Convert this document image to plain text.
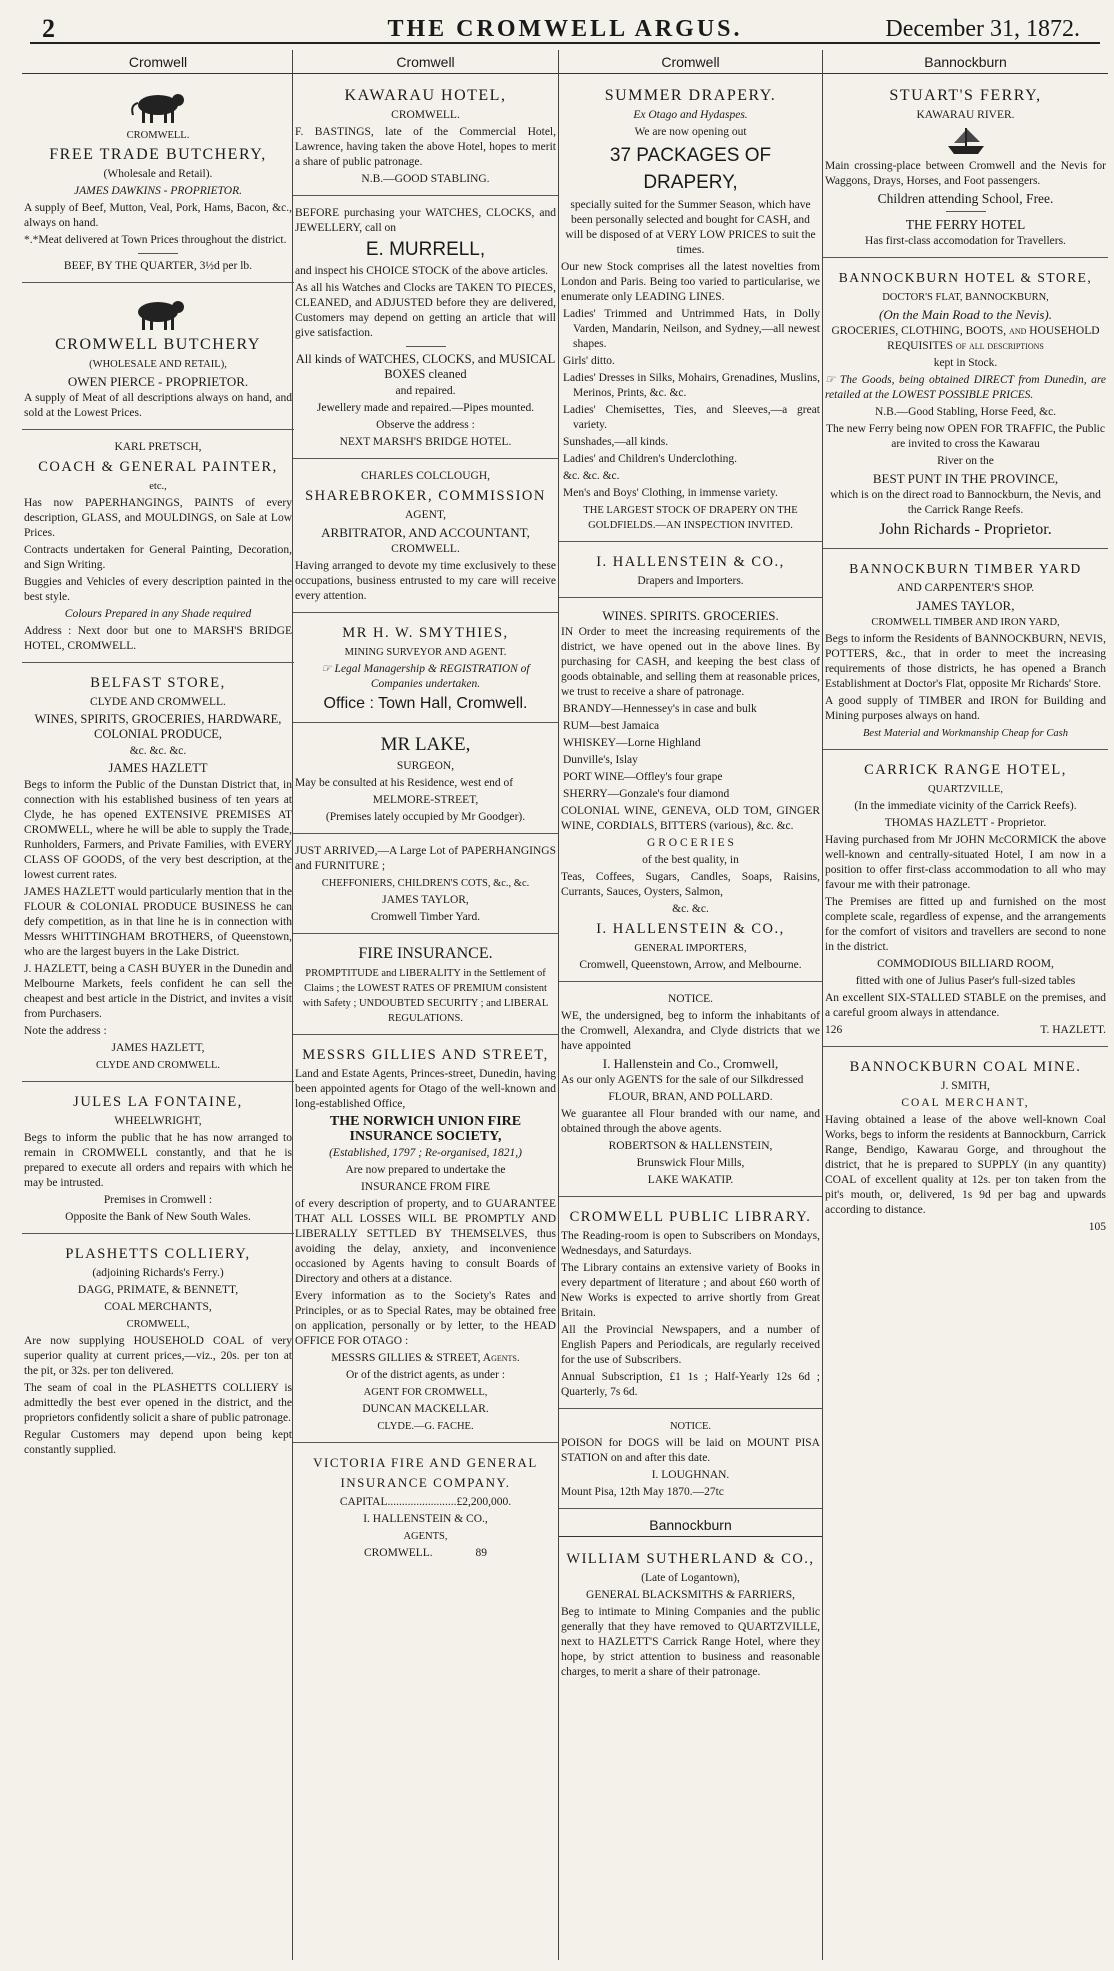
2	THE CROMWELL ARGUS.	December 31, 1872.
Cromwell

CROMWELL.

FREE TRADE BUTCHERY,

(Wholesale and Retail).

JAMES DAWKINS - PROPRIETOR.

A supply of Beef, Mutton, Veal, Pork, Hams, Bacon, &c., always on hand.

*.*Meat delivered at Town Prices throughout the district.

BEEF, BY THE QUARTER, 3½d per lb.

CROMWELL BUTCHERY

(WHOLESALE AND RETAIL),

OWEN PIERCE - PROPRIETOR.

A supply of Meat of all descriptions always on hand, and sold at the Lowest Prices.

KARL PRETSCH,

COACH & GENERAL PAINTER,

etc.,

Has now PAPERHANGINGS, PAINTS of every description, GLASS, and MOULDINGS, on Sale at Low Prices.

Contracts undertaken for General Painting, Decoration, and Sign Writing.

Buggies and Vehicles of every description painted in the best style.

Colours Prepared in any Shade required

Address : Next door but one to MARSH'S BRIDGE HOTEL, CROMWELL.

BELFAST STORE,

CLYDE AND CROMWELL.

WINES, SPIRITS, GROCERIES, HARDWARE, COLONIAL PRODUCE,

&c. &c. &c.

JAMES HAZLETT

Begs to inform the Public of the Dunstan District that, in connection with his established business of ten years at Clyde, he has opened EXTENSIVE PREMISES AT CROMWELL, where he will be able to supply the Trade, Runholders, Farmers, and Private Families, with EVERY CLASS OF GOODS, of the very best description, at the lowest current rates.

JAMES HAZLETT would particularly mention that in the FLOUR & COLONIAL PRODUCE BUSINESS he can defy competition, as in that line he is in connection with Messrs WHITTINGHAM BROTHERS, of Queenstown, who are the largest buyers in the Lake District.

J. HAZLETT, being a CASH BUYER in the Dunedin and Melbourne Markets, feels confident he can sell the cheapest and best article in the District, and invites a visit from Purchasers.

Note the address :

JAMES HAZLETT,

CLYDE AND CROMWELL.

JULES LA FONTAINE,

WHEELWRIGHT,

Begs to inform the public that he has now arranged to remain in CROMWELL constantly, and that he is prepared to execute all orders and repairs with which he may be intrusted.

Premises in Cromwell :

Opposite the Bank of New South Wales.

PLASHETTS COLLIERY,

(adjoining Richards's Ferry.)

DAGG, PRIMATE, & BENNETT,

COAL MERCHANTS,

CROMWELL,

Are now supplying HOUSEHOLD COAL of very superior quality at current prices,—viz., 20s. per ton at the pit, or 32s. per ton delivered.

The seam of coal in the PLASHETTS COLLIERY is admittedly the best ever opened in the district, and the proprietors confidently solicit a share of public patronage.

Regular Customers may depend upon being kept constantly supplied.

Cromwell

KAWARAU HOTEL,

CROMWELL.

F. BASTINGS, late of the Commercial Hotel, Lawrence, having taken the above Hotel, hopes to merit a share of public patronage.

N.B.—GOOD STABLING.

BEFORE purchasing your WATCHES, CLOCKS, and JEWELLERY, call on

E. MURRELL,

and inspect his CHOICE STOCK of the above articles.

As all his Watches and Clocks are TAKEN TO PIECES, CLEANED, and ADJUSTED before they are delivered, Customers may depend on getting an article that will give satisfaction.

All kinds of WATCHES, CLOCKS, and MUSICAL BOXES cleaned

and repaired.

Jewellery made and repaired.—Pipes mounted.

Observe the address :

NEXT MARSH'S BRIDGE HOTEL.

CHARLES COLCLOUGH,

SHAREBROKER, COMMISSION

AGENT,

ARBITRATOR, AND ACCOUNTANT,

CROMWELL.

Having arranged to devote my time exclusively to these occupations, business entrusted to my care will receive every attention.

MR H. W. SMYTHIES,

MINING SURVEYOR AND AGENT.

☞ Legal Managership & REGISTRATION of Companies undertaken.

Office : Town Hall, Cromwell.

MR LAKE,

SURGEON,

May be consulted at his Residence, west end of

MELMORE-STREET,

(Premises lately occupied by Mr Goodger).

JUST ARRIVED,—A Large Lot of PAPERHANGINGS and FURNITURE ;

CHEFFONIERS, CHILDREN'S COTS, &c., &c.

JAMES TAYLOR,

Cromwell Timber Yard.

FIRE INSURANCE.

PROMPTITUDE and LIBERALITY in the Settlement of Claims ; the LOWEST RATES OF PREMIUM consistent with Safety ; UNDOUBTED SECURITY ; and LIBERAL REGULATIONS.

MESSRS GILLIES AND STREET,

Land and Estate Agents, Princes-street, Dunedin, having been appointed agents for Otago of the well-known and long-established Office,

THE NORWICH UNION FIRE INSURANCE SOCIETY,

(Established, 1797 ; Re-organised, 1821,)

Are now prepared to undertake the

INSURANCE FROM FIRE

of every description of property, and to GUARANTEE THAT ALL LOSSES WILL BE PROMPTLY AND LIBERALLY SETTLED BY THEMSELVES, thus avoiding the delay, anxiety, and inconvenience occasioned by Agents having to consult Boards of Directory and others at a distance.

Every information as to the Society's Rates and Principles, or as to Special Rates, may be obtained free on application, personally or by letter, to the HEAD OFFICE FOR OTAGO :

MESSRS GILLIES & STREET, Agents.

Or of the district agents, as under :

AGENT FOR CROMWELL,

DUNCAN MACKELLAR.

CLYDE.—G. FACHE.

VICTORIA FIRE AND GENERAL INSURANCE COMPANY.

CAPITAL........................£2,200,000.

I. HALLENSTEIN & CO.,

AGENTS,

CROMWELL.	89

Cromwell

SUMMER DRAPERY.

Ex Otago and Hydaspes.

We are now opening out

37 PACKAGES OF DRAPERY,

specially suited for the Summer Season, which have been personally selected and bought for CASH, and will be disposed of at VERY LOW PRICES to suit the times.

Our new Stock comprises all the latest novelties from London and Paris. Being too varied to particularise, we enumerate only LEADING LINES.

Ladies' Trimmed and Untrimmed Hats, in Dolly Varden, Mandarin, Neilson, and Sydney,—all newest shapes.

Girls' ditto.

Ladies' Dresses in Silks, Mohairs, Grenadines, Muslins, Merinos, Prints, &c. &c.

Ladies' Chemisettes, Ties, and Sleeves,—a great variety.

Sunshades,—all kinds.

Ladies' and Children's Underclothing.

&c. &c. &c.

Men's and Boys' Clothing, in immense variety.

THE LARGEST STOCK OF DRAPERY ON THE GOLDFIELDS.—AN INSPECTION INVITED.

I. HALLENSTEIN & CO.,

Drapers and Importers.

WINES. SPIRITS. GROCERIES.

IN Order to meet the increasing requirements of the district, we have opened out in the above lines. By purchasing for CASH, and keeping the best class of goods obtainable, and selling them at reasonable prices, we trust to receive a share of patronage.

BRANDY—Hennessey's in case and bulk

RUM—best Jamaica

WHISKEY—Lorne Highland

Dunville's, Islay

PORT WINE—Offley's four grape

SHERRY—Gonzale's four diamond

COLONIAL WINE, GENEVA, OLD TOM, GINGER WINE, CORDIALS, BITTERS (various), &c. &c.

G R O C E R I E S

of the best quality, in

Teas, Coffees, Sugars, Candles, Soaps, Raisins, Currants, Sauces, Oysters, Salmon,

&c. &c.

I. HALLENSTEIN & CO.,

GENERAL IMPORTERS,

Cromwell, Queenstown, Arrow, and Melbourne.

NOTICE.

WE, the undersigned, beg to inform the inhabitants of the Cromwell, Alexandra, and Clyde districts that we have appointed

I. Hallenstein and Co., Cromwell,

As our only AGENTS for the sale of our Silkdressed

FLOUR, BRAN, AND POLLARD.

We guarantee all Flour branded with our name, and obtained through the above agents.

ROBERTSON & HALLENSTEIN,

Brunswick Flour Mills,

LAKE WAKATIP.

CROMWELL PUBLIC LIBRARY.

The Reading-room is open to Subscribers on Mondays, Wednesdays, and Saturdays.

The Library contains an extensive variety of Books in every department of literature ; and about £60 worth of New Works is expected to arrive shortly from Great Britain.

All the Provincial Newspapers, and a number of English Papers and Periodicals, are regularly received for the use of Subscribers.

Annual Subscription, £1 1s ; Half-Yearly 12s 6d ; Quarterly, 7s 6d.

NOTICE.

POISON for DOGS will be laid on MOUNT PISA STATION on and after this date.

I. LOUGHNAN.

Mount Pisa, 12th May 1870.—27tc

Bannockburn

WILLIAM SUTHERLAND & CO.,

(Late of Logantown),

GENERAL BLACKSMITHS & FARRIERS,

Beg to intimate to Mining Companies and the public generally that they have removed to QUARTZVILLE, next to HAZLETT'S Carrick Range Hotel, where they hope, by strict attention to business and reasonable charges, to merit a share of their patronage.

Bannockburn

STUART'S FERRY,

KAWARAU RIVER.

Main crossing-place between Cromwell and the Nevis for Waggons, Drays, Horses, and Foot passengers.

Children attending School, Free.

THE FERRY HOTEL

Has first-class accomodation for Travellers.

BANNOCKBURN HOTEL & STORE,

DOCTOR'S FLAT, BANNOCKBURN,

(On the Main Road to the Nevis).

GROCERIES, CLOTHING, BOOTS, and HOUSEHOLD REQUISITES of all descriptions

kept in Stock.

☞ The Goods, being obtained DIRECT from Dunedin, are retailed at the LOWEST POSSIBLE PRICES.

N.B.—Good Stabling, Horse Feed, &c.

The new Ferry being now OPEN FOR TRAFFIC, the Public are invited to cross the Kawarau

River on the

BEST PUNT IN THE PROVINCE,

which is on the direct road to Bannockburn, the Nevis, and the Carrick Range Reefs.

John Richards - Proprietor.

BANNOCKBURN TIMBER YARD

AND CARPENTER'S SHOP.

JAMES TAYLOR,

CROMWELL TIMBER AND IRON YARD,

Begs to inform the Residents of BANNOCKBURN, NEVIS, POTTERS, &c., that in order to meet the increasing requirements of those districts, he has opened a Branch Establishment at Doctor's Flat, opposite Mr Richards' Store.

A good supply of TIMBER and IRON for Building and Mining purposes always on hand.

Best Material and Workmanship Cheap for Cash

CARRICK RANGE HOTEL,

QUARTZVILLE,

(In the immediate vicinity of the Carrick Reefs).

THOMAS HAZLETT - Proprietor.

Having purchased from Mr JOHN McCORMICK the above well-known and centrally-situated Hotel, I am now in a position to offer first-class accommodation to all who may favour me with their patronage.

The Premises are fitted up and furnished on the most complete scale, regardless of expense, and the arrangements for the comfort of visitors and travellers are second to none in the district.

COMMODIOUS BILLIARD ROOM,

fitted with one of Julius Paser's full-sized tables

An excellent SIX-STALLED STABLE on the premises, and a careful groom always in attendance.

126	T. HAZLETT.

BANNOCKBURN COAL MINE.

J. SMITH,

COAL MERCHANT,

Having obtained a lease of the above well-known Coal Works, begs to inform the residents at Bannockburn, Carrick Range, Bendigo, Kawarau Gorge, and throughout the district, that he is prepared to SUPPLY (in any quantity) COAL of excellent quality at 12s. per ton taken from the pit's mouth, or, delivered, 1s 9d per bag and upwards according to distance.

105
